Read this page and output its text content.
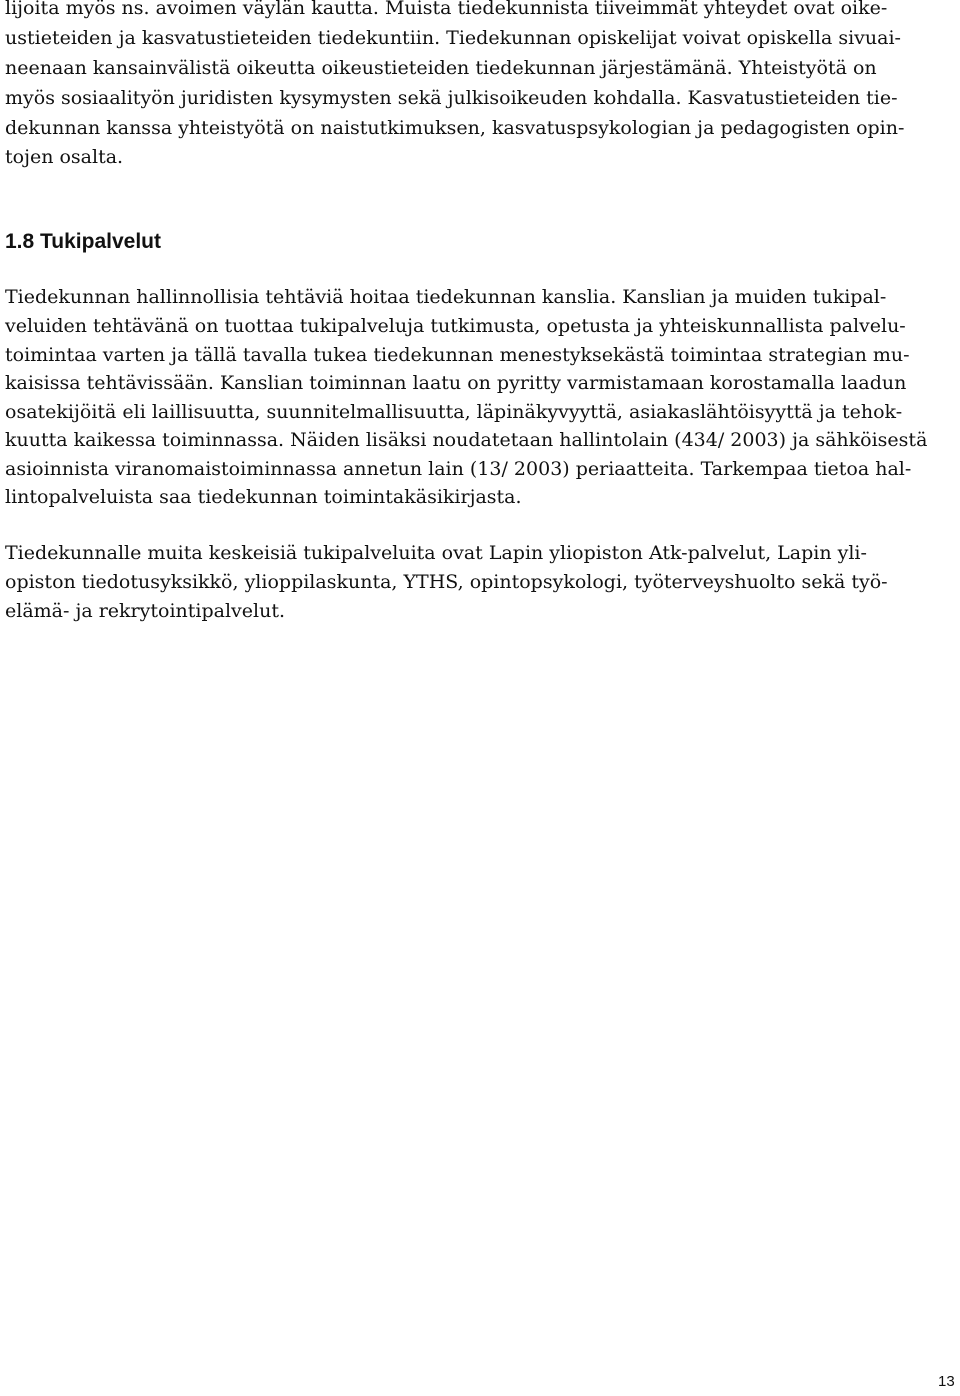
lijoita myös ns. avoimen väylän kautta. Muista tiedekunnista tiiveimmät yhteydet ovat oike-

ustieteiden ja kasvatustieteiden tiedekuntiin. Tiedekunnan opiskelijat voivat opiskella sivuai-

neenaan kansainvälistä oikeutta oikeustieteiden tiedekunnan järjestämänä. Yhteistyötä on

myös sosiaalityön juridisten kysymysten sekä julkisoikeuden kohdalla. Kasvatustieteiden tie-

dekunnan kanssa yhteistyötä on naistutkimuksen, kasvatuspsykologian ja pedagogisten opin-

tojen osalta.

1.8 Tukipalvelut

Tiedekunnan hallinnollisia tehtäviä hoitaa tiedekunnan kanslia. Kanslian ja muiden tukipal-

veluiden tehtävänä on tuottaa tukipalveluja tutkimusta, opetusta ja yhteiskunnallista palvelu-

toimintaa varten ja tällä tavalla tukea tiedekunnan menestyksekästä toimintaa strategian mu-

kaisissa tehtävissään. Kanslian toiminnan laatu on pyritty varmistamaan korostamalla laadun

osatekijöitä eli laillisuutta, suunnitelmallisuutta, läpinäkyvyyttä, asiakaslähtöisyyttä ja tehok-

kuutta kaikessa toiminnassa. Näiden lisäksi noudatetaan hallintolain (434/ 2003) ja sähköisestä

asioinnista viranomaistoiminnassa annetun lain (13/ 2003) periaatteita. Tarkempaa tietoa hal-

lintopalveluista saa tiedekunnan toimintakäsikirjasta.

Tiedekunnalle muita keskeisiä tukipalveluita ovat Lapin yliopiston Atk-palvelut, Lapin yli-

opiston tiedotusyksikkö, ylioppilaskunta, YTHS, opintopsykologi, työterveyshuolto sekä työ-

elämä- ja rekrytointipalvelut.

13
